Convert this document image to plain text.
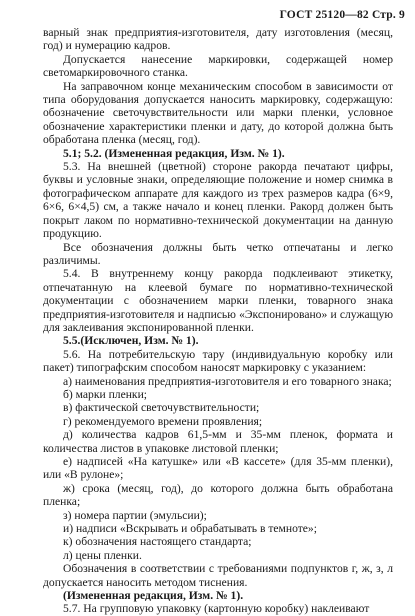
ГОСТ 25120—82 Стр. 9

варный знак предприятия-изготовителя, дату изготовления (месяц, год) и нумерацию кадров.

Допускается нанесение маркировки, содержащей номер светомаркировочного станка.

На заправочном конце механическим способом в зависимости от типа оборудования допускается наносить маркировку, содержащую: обозначение светочувствительности или марки пленки, условное обозначение характеристики пленки и дату, до которой должна быть обработана пленка (месяц, год).

5.1; 5.2. (Измененная редакция, Изм. № 1).

5.3. На внешней (цветной) стороне ракорда печатают цифры, буквы и условные знаки, определяющие положение и номер снимка в фотографическом аппарате для каждого из трех размеров кадра (6×9, 6×6, 6×4,5) см, а также начало и конец пленки. Ракорд должен быть покрыт лаком по нормативно-технической документации на данную продукцию.

Все обозначения должны быть четко отпечатаны и легко различимы.

5.4. В внутреннему концу ракорда подклеивают этикетку, отпечатанную на клеевой бумаге по нормативно-технической документации с обозначением марки пленки, товарного знака предприятия-изготовителя и надписью «Экспонировано» и служащую для заклеивания экспонированной пленки.

5.5.(Исключен, Изм. № 1).

5.6. На потребительскую тару (индивидуальную коробку или пакет) типографским способом наносят маркировку с указанием:

а) наименования предприятия-изготовителя и его товарного знака;

б) марки пленки;

в) фактической светочувствительности;

г) рекомендуемого времени проявления;

д) количества кадров 61,5-мм и 35-мм пленок, формата и количества листов в упаковке листовой пленки;

е) надписей «На катушке» или «В кассете» (для 35-мм пленки), или «В рулоне»;

ж) срока (месяц, год), до которого должна быть обработана пленка;

з) номера партии (эмульсии);

и) надписи «Вскрывать и обрабатывать в темноте»;

к) обозначения настоящего стандарта;

л) цены пленки.

Обозначения в соответствии с требованиями подпунктов г, ж, з, л допускается наносить методом тиснения.

(Измененная редакция, Изм. № 1).

5.7. На групповую упаковку (картонную коробку) наклеивают
